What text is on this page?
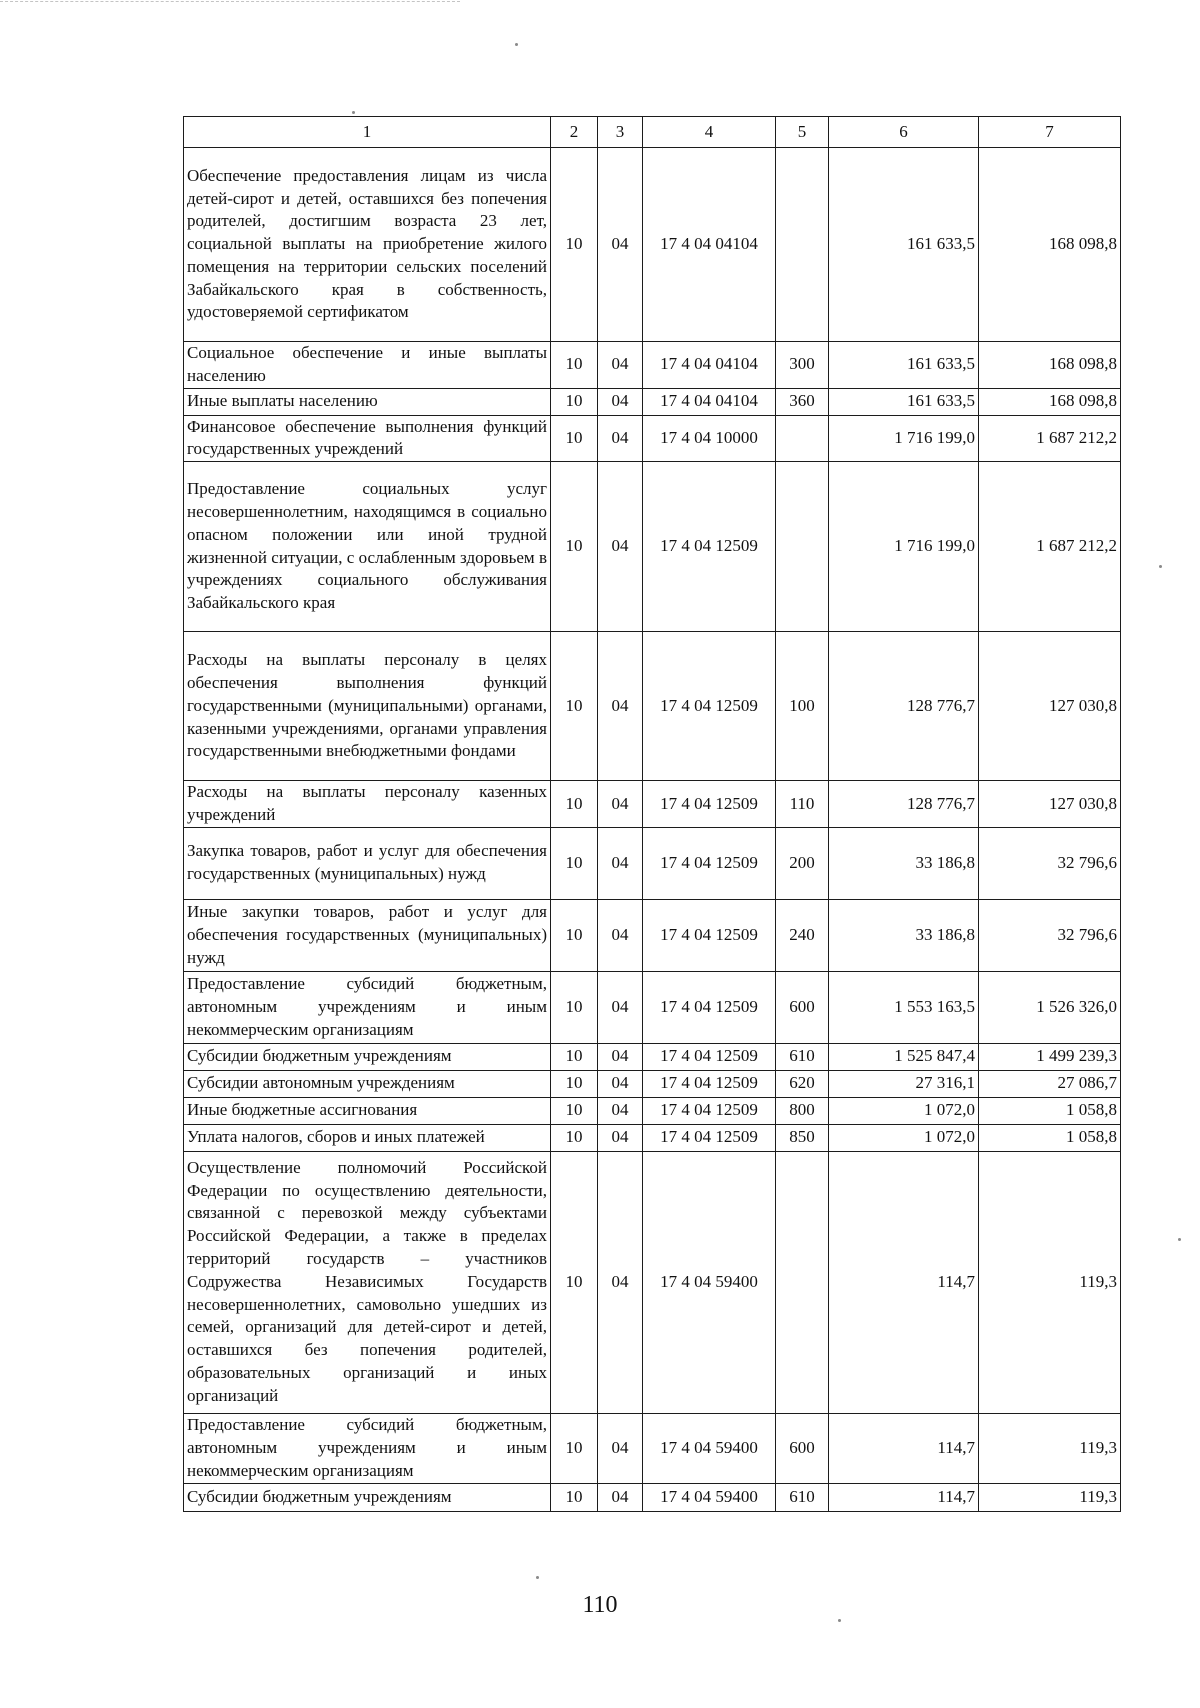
1	2	3	4	5	6	7
Обеспечение предоставления лицам из числа детей-сирот и детей, оставшихся без попечения родителей, достигшим возраста 23 лет, социальной выплаты на приобретение жилого помещения на территории сельских поселений Забайкальского края в собственность, удостоверяемой сертификатом	10	04	17 4 04 04104		161 633,5	168 098,8
Социальное обеспечение и иные выплаты населению	10	04	17 4 04 04104	300	161 633,5	168 098,8
Иные выплаты населению	10	04	17 4 04 04104	360	161 633,5	168 098,8
Финансовое обеспечение выполнения функций государственных учреждений	10	04	17 4 04 10000		1 716 199,0	1 687 212,2
Предоставление социальных услуг несовершеннолетним, находящимся в социально опасном положении или иной трудной жизненной ситуации, с ослабленным здоровьем в учреждениях социального обслуживания Забайкальского края	10	04	17 4 04 12509		1 716 199,0	1 687 212,2
Расходы на выплаты персоналу в целях обеспечения выполнения функций государственными (муниципальными) органами, казенными учреждениями, органами управления государственными внебюджетными фондами	10	04	17 4 04 12509	100	128 776,7	127 030,8
Расходы на выплаты персоналу казенных учреждений	10	04	17 4 04 12509	110	128 776,7	127 030,8
Закупка товаров, работ и услуг для обеспечения государственных (муниципальных) нужд	10	04	17 4 04 12509	200	33 186,8	32 796,6
Иные закупки товаров, работ и услуг для обеспечения государственных (муниципальных) нужд	10	04	17 4 04 12509	240	33 186,8	32 796,6
Предоставление субсидий бюджетным, автономным учреждениям и иным некоммерческим организациям	10	04	17 4 04 12509	600	1 553 163,5	1 526 326,0
Субсидии бюджетным учреждениям	10	04	17 4 04 12509	610	1 525 847,4	1 499 239,3
Субсидии автономным учреждениям	10	04	17 4 04 12509	620	27 316,1	27 086,7
Иные бюджетные ассигнования	10	04	17 4 04 12509	800	1 072,0	1 058,8
Уплата налогов, сборов и иных платежей	10	04	17 4 04 12509	850	1 072,0	1 058,8
Осуществление полномочий Российской Федерации по осуществлению деятельности, связанной с перевозкой между субъектами Российской Федерации, а также в пределах территорий государств – участников Содружества Независимых Государств несовершеннолетних, самовольно ушедших из семей, организаций для детей-сирот и детей, оставшихся без попечения родителей, образовательных организаций и иных организаций	10	04	17 4 04 59400		114,7	119,3
Предоставление субсидий бюджетным, автономным учреждениям и иным некоммерческим организациям	10	04	17 4 04 59400	600	114,7	119,3
Субсидии бюджетным учреждениям	10	04	17 4 04 59400	610	114,7	119,3
110
